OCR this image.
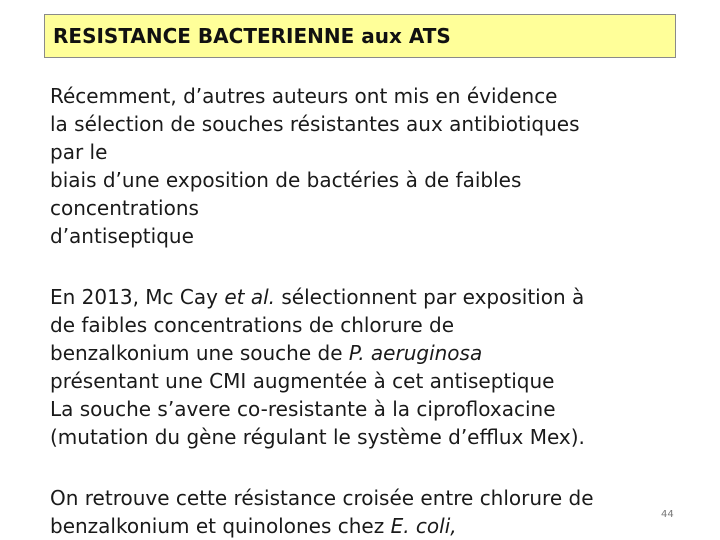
RESISTANCE BACTERIENNE aux ATS
Récemment, d’autres auteurs ont mis en évidence
la sélection de souches résistantes aux antibiotiques
par le
biais d’une exposition de bactéries à de faibles
concentrations
d’antiseptique
En 2013, Mc Cay et al. sélectionnent par exposition à
de faibles concentrations de chlorure de
benzalkonium une souche de P. aeruginosa
présentant une CMI augmentée à cet antiseptique
La souche s’avere co-resistante à la ciprofloxacine
(mutation du gène régulant le système d’efflux Mex).
On retrouve cette résistance croisée entre chlorure de
benzalkonium et quinolones chez E. coli,	44
